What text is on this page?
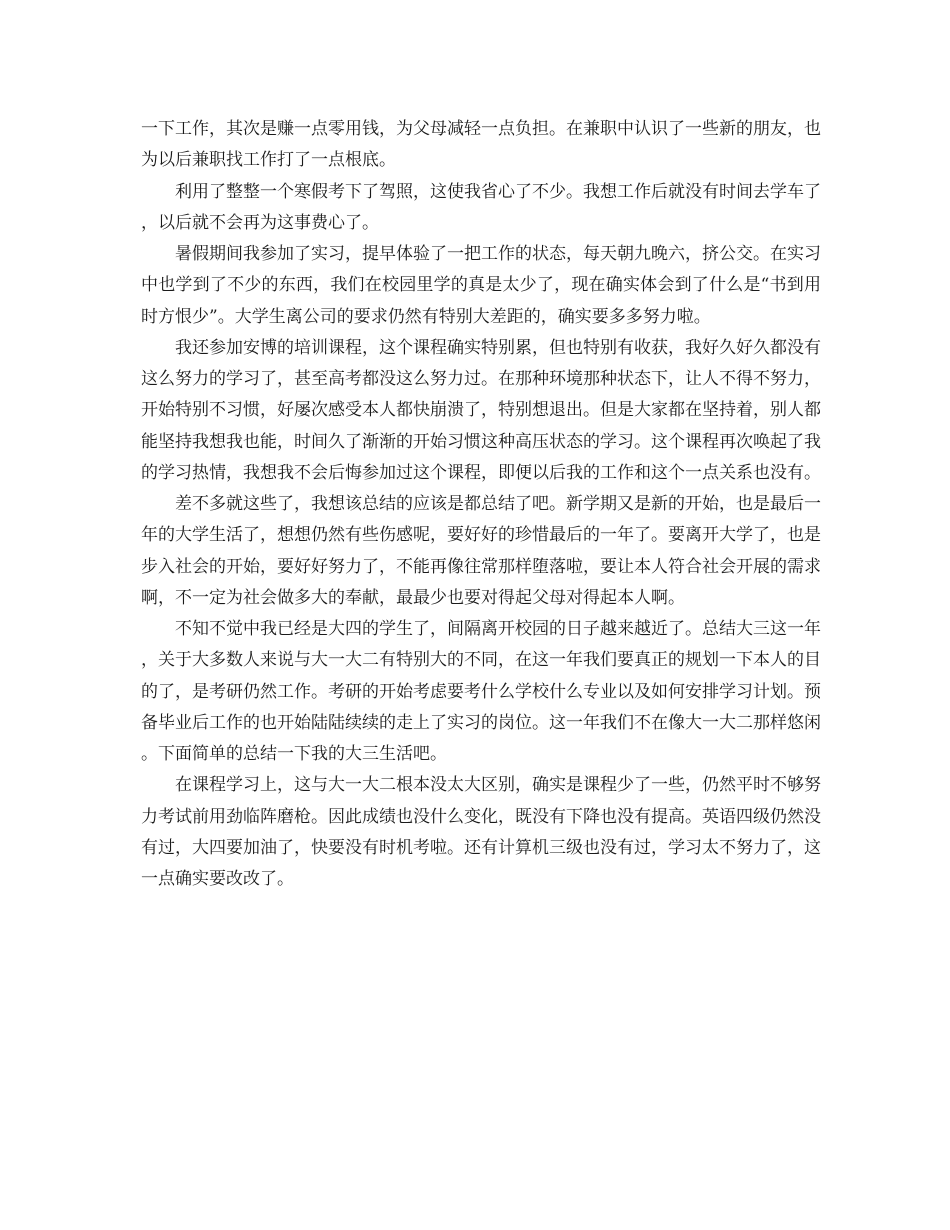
一下工作，其次是赚一点零用钱，为父母减轻一点负担。在兼职中认识了一些新的朋友，也为以后兼职找工作打了一点根底。

利用了整整一个寒假考下了驾照，这使我省心了不少。我想工作后就没有时间去学车了，以后就不会再为这事费心了。

暑假期间我参加了实习，提早体验了一把工作的状态，每天朝九晚六，挤公交。在实习中也学到了不少的东西，我们在校园里学的真是太少了，现在确实体会到了什么是“书到用时方恨少”。大学生离公司的要求仍然有特别大差距的，确实要多多努力啦。

我还参加安博的培训课程，这个课程确实特别累，但也特别有收获，我好久好久都没有这么努力的学习了，甚至高考都没这么努力过。在那种环境那种状态下，让人不得不努力，开始特别不习惯，好屡次感受本人都快崩溃了，特别想退出。但是大家都在坚持着，别人都能坚持我想我也能，时间久了渐渐的开始习惯这种高压状态的学习。这个课程再次唤起了我的学习热情，我想我不会后悔参加过这个课程，即便以后我的工作和这个一点关系也没有。

差不多就这些了，我想该总结的应该是都总结了吧。新学期又是新的开始，也是最后一年的大学生活了，想想仍然有些伤感呢，要好好的珍惜最后的一年了。要离开大学了，也是步入社会的开始，要好好努力了，不能再像往常那样堕落啦，要让本人符合社会开展的需求啊，不一定为社会做多大的奉献，最最少也要对得起父母对得起本人啊。

不知不觉中我已经是大四的学生了，间隔离开校园的日子越来越近了。总结大三这一年，关于大多数人来说与大一大二有特别大的不同，在这一年我们要真正的规划一下本人的目的了，是考研仍然工作。考研的开始考虑要考什么学校什么专业以及如何安排学习计划。预备毕业后工作的也开始陆陆续续的走上了实习的岗位。这一年我们不在像大一大二那样悠闲。下面简单的总结一下我的大三生活吧。

在课程学习上，这与大一大二根本没太大区别，确实是课程少了一些，仍然平时不够努力考试前用劲临阵磨枪。因此成绩也没什么变化，既没有下降也没有提高。英语四级仍然没有过，大四要加油了，快要没有时机考啦。还有计算机三级也没有过，学习太不努力了，这一点确实要改改了。
